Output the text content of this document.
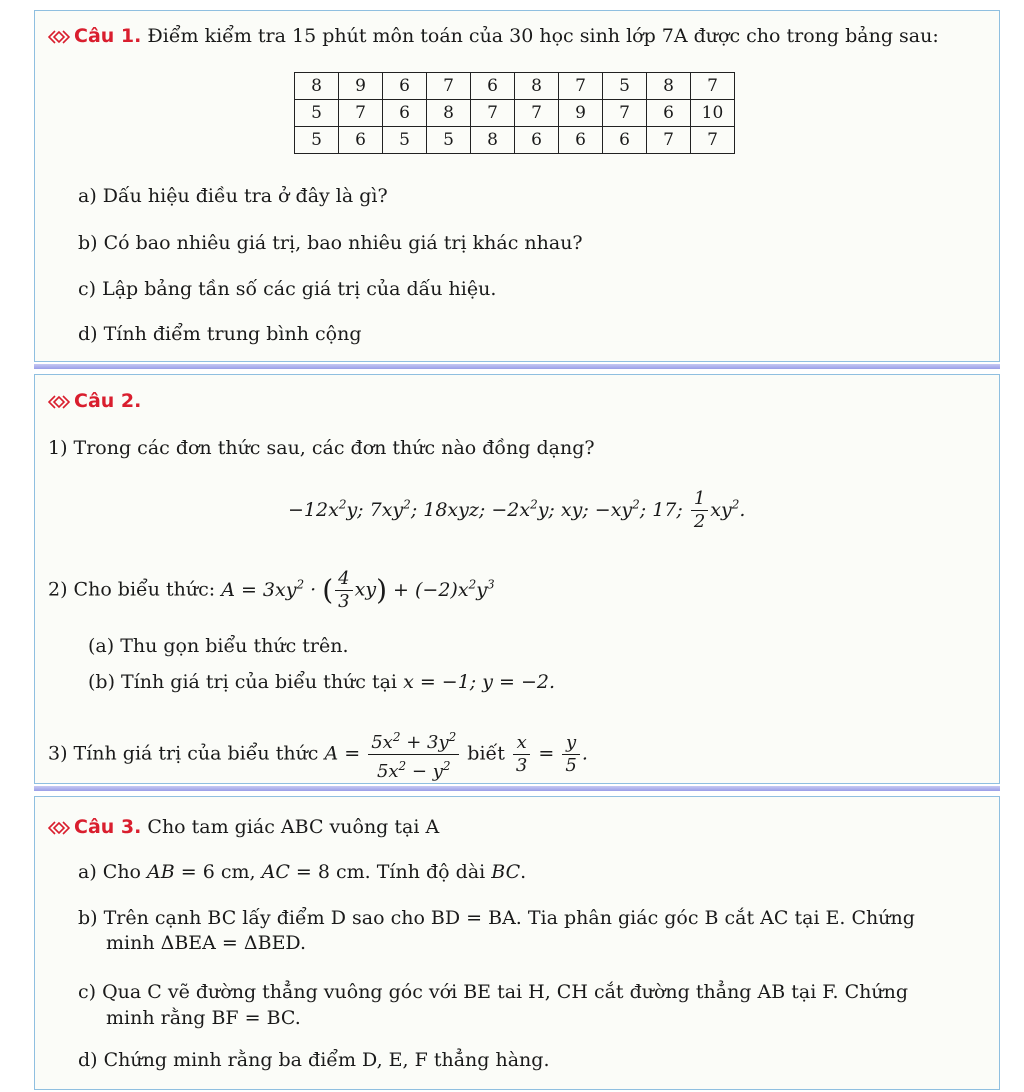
Câu 1. Điểm kiểm tra 15 phút môn toán của 30 học sinh lớp 7A được cho trong bảng sau:
8	9	6	7	6	8	7	5	8	7
5	7	6	8	7	7	9	7	6	10
5	6	5	5	8	6	6	6	7	7
a) Dấu hiệu điều tra ở đây là gì?
b) Có bao nhiêu giá trị, bao nhiêu giá trị khác nhau?
c) Lập bảng tần số các giá trị của dấu hiệu.
d) Tính điểm trung bình cộng
Câu 2.
1) Trong các đơn thức sau, các đơn thức nào đồng dạng?
$-12x^2y$; $7xy^2$; 18xyz; $-2x^2y$; xy; $-xy^2$; 17; $\frac{1}{2} xy^2$.
2) Cho biểu thức: $A = 3xy^2$ · ( $\frac{4}{3} xy) + (-2)x^2y^3$
(a) Thu gọn biểu thức trên.
(b) Tính giá trị của biểu thức tại x = −1; y = −2.
3) Tính giá trị của biểu thức $A = \frac{5x^2 + 3y^2}{5x^2 - y^2}$ biết $\frac{x}{3} = \frac{y}{5}$ .
Câu 3. Cho tam giác ABC vuông tại A
a) Cho AB = 6 cm, AC = 8 cm. Tính độ dài BC.
b) Trên cạnh BC lấy điểm D sao cho BD = BA. Tia phân giác góc B cắt AC tại E. Chứng
minh ΔBEA = ΔBED.
c) Qua C vẽ đường thẳng vuông góc với BE tai H, CH cắt đường thẳng AB tại F. Chứng
minh rằng BF = BC.
d) Chứng minh rằng ba điểm D, E, F thẳng hàng.
